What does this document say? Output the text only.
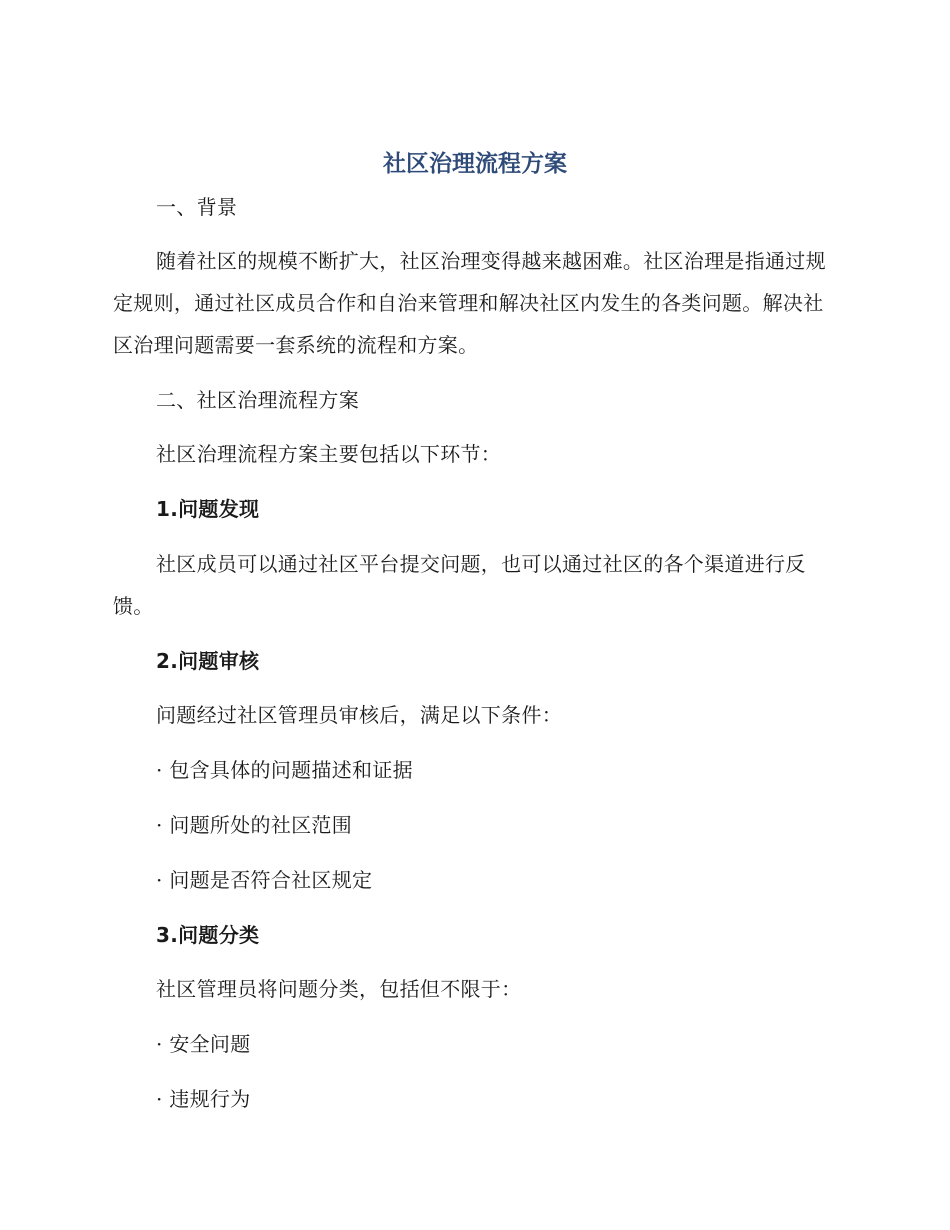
社区治理流程方案

一、背景

随着社区的规模不断扩大，社区治理变得越来越困难。社区治理是指通过规定规则，通过社区成员合作和自治来管理和解决社区内发生的各类问题。解决社区治理问题需要一套系统的流程和方案。

二、社区治理流程方案

社区治理流程方案主要包括以下环节：

1.问题发现

社区成员可以通过社区平台提交问题，也可以通过社区的各个渠道进行反馈。

2.问题审核

问题经过社区管理员审核后，满足以下条件：

· 包含具体的问题描述和证据

· 问题所处的社区范围

· 问题是否符合社区规定

3.问题分类

社区管理员将问题分类，包括但不限于：

· 安全问题

· 违规行为
